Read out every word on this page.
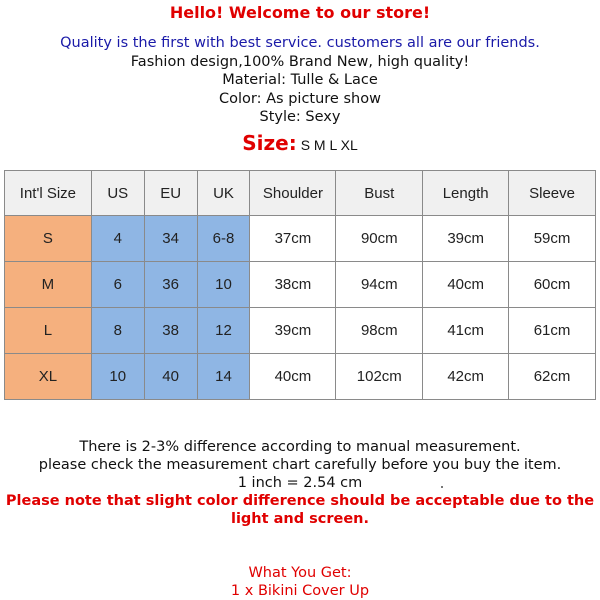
Hello! Welcome to our store!
Quality is the first with best service. customers all are our friends.
Fashion design,100% Brand New, high quality!
Material: Tulle & Lace
Color: As picture show
Style: Sexy
Size: S M L XL
Int'l Size	US	EU	UK	Shoulder	Bust	Length	Sleeve
S	4	34	6-8	37cm	90cm	39cm	59cm
M	6	36	10	38cm	94cm	40cm	60cm
L	8	38	12	39cm	98cm	41cm	61cm
XL	10	40	14	40cm	102cm	42cm	62cm
There is 2-3% difference according to manual measurement.
please check the measurement chart carefully before you buy the item.
1 inch = 2.54 cm
Please note that slight color difference should be acceptable due to the light and screen.
What You Get:
1 x Bikini Cover Up
